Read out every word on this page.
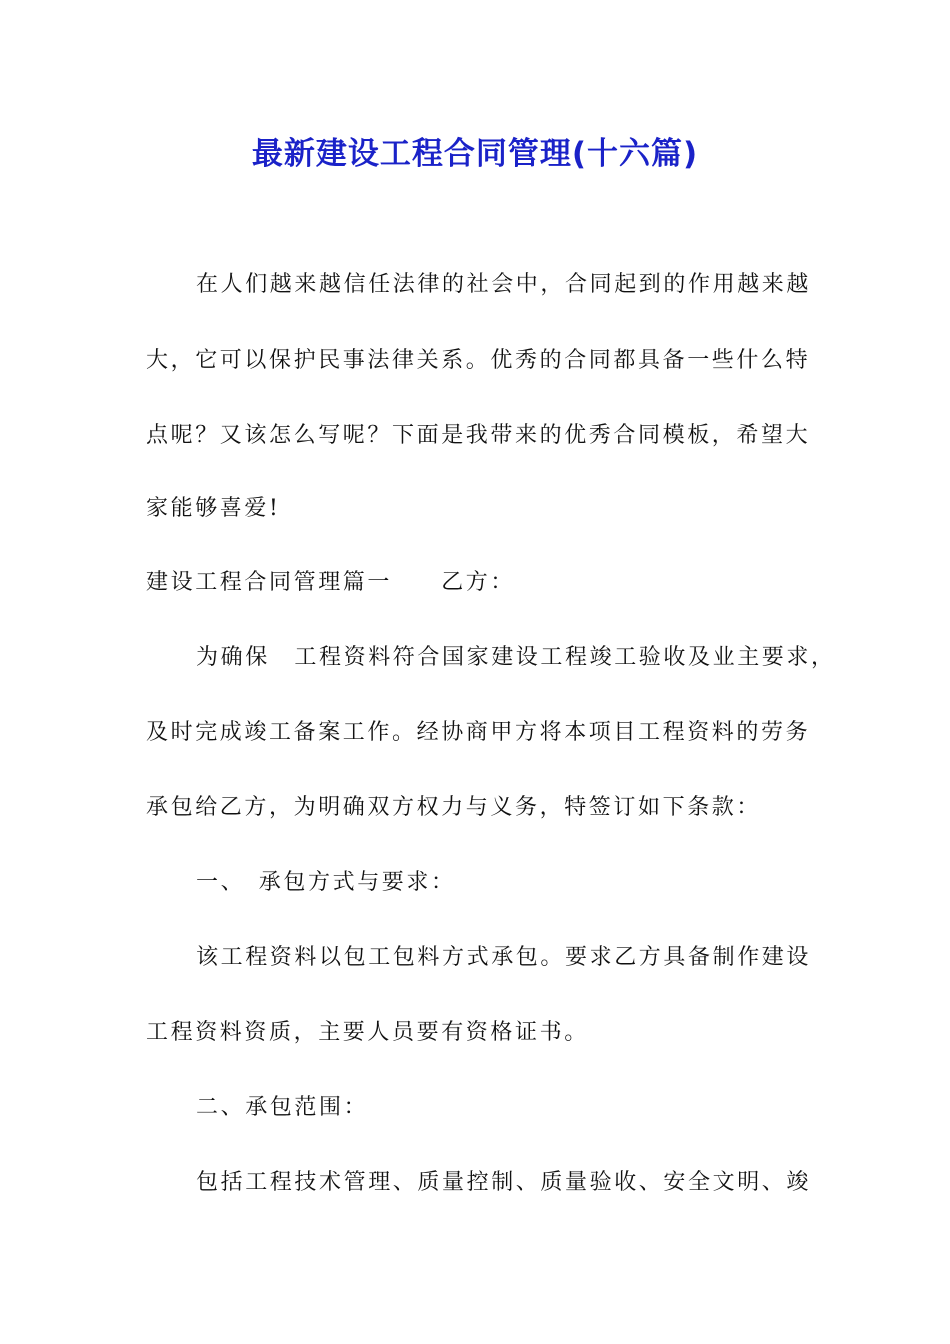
最新建设工程合同管理(十六篇)
在人们越来越信任法律的社会中，合同起到的作用越来越
大，它可以保护民事法律关系。优秀的合同都具备一些什么特
点呢？又该怎么写呢？下面是我带来的优秀合同模板，希望大
家能够喜爱!
建设工程合同管理篇一　　乙方：
为确保　工程资料符合国家建设工程竣工验收及业主要求，
及时完成竣工备案工作。经协商甲方将本项目工程资料的劳务
承包给乙方，为明确双方权力与义务，特签订如下条款：
一、　承包方式与要求：
该工程资料以包工包料方式承包。要求乙方具备制作建设
工程资料资质，主要人员要有资格证书。
二、承包范围：
包括工程技术管理、质量控制、质量验收、安全文明、竣
